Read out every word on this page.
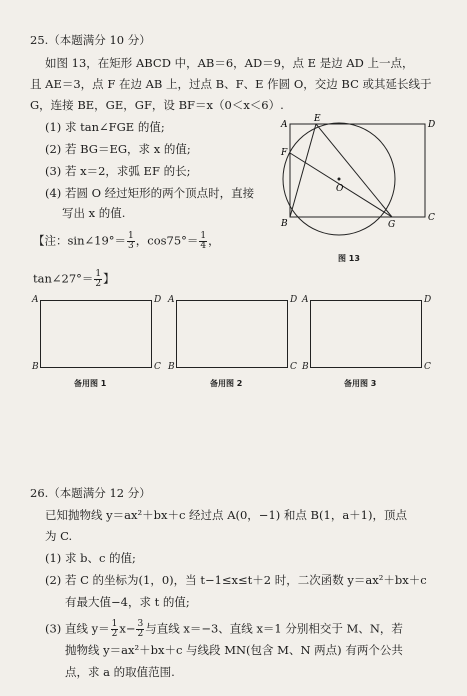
25.（本题满分 10 分）
如图 13，在矩形 ABCD 中，AB＝6，AD＝9，点 E 是边 AD 上一点，
且 AE＝3，点 F 在边 AB 上，过点 B、F、E 作圆 O，交边 BC 或其延长线于
G，连接 BE，GE，GF，设 BF＝x（0＜x＜6）.
(1) 求 tan∠FGE 的值;
(2) 若 BG＝EG，求 x 的值;
(3) 若 x＝2，求弧 EF 的长;
(4) 若圆 O 经过矩形的两个顶点时，直接
写出 x 的值.
【注：sin∠19°＝ $\frac{1}{3}$ ，$\cos 75^\circ= \frac{1}{4}$ ，
tan∠27°＝ $\frac{1}{2}$ 】
A	D
E
F
O
B	G
C
图 13
A	D
B	C
备用图 1
A	D
B	C
备用图 2
A	D
B	C
备用图 3
26.（本题满分 12 分）
已知抛物线 y＝ax²＋bx＋c 经过点 A(0，−1) 和点 B(1，a＋1)，顶点
为 C.
(1) 求 b、c 的值;
(2) 若 C 的坐标为(1，0)，当 t−1≤x≤t＋2 时，二次函数 y＝ax²＋bx＋c
有最大值−4，求 t 的值;
(3) 直线 $y= \frac{1}{2} x- \frac{3}{2}$ 与直线 x＝−3、直线 x＝1 分别相交于 M、N，若
抛物线 y＝ax²＋bx＋c 与线段 MN(包含 M、N 两点) 有两个公共
点，求 a 的取值范围.
